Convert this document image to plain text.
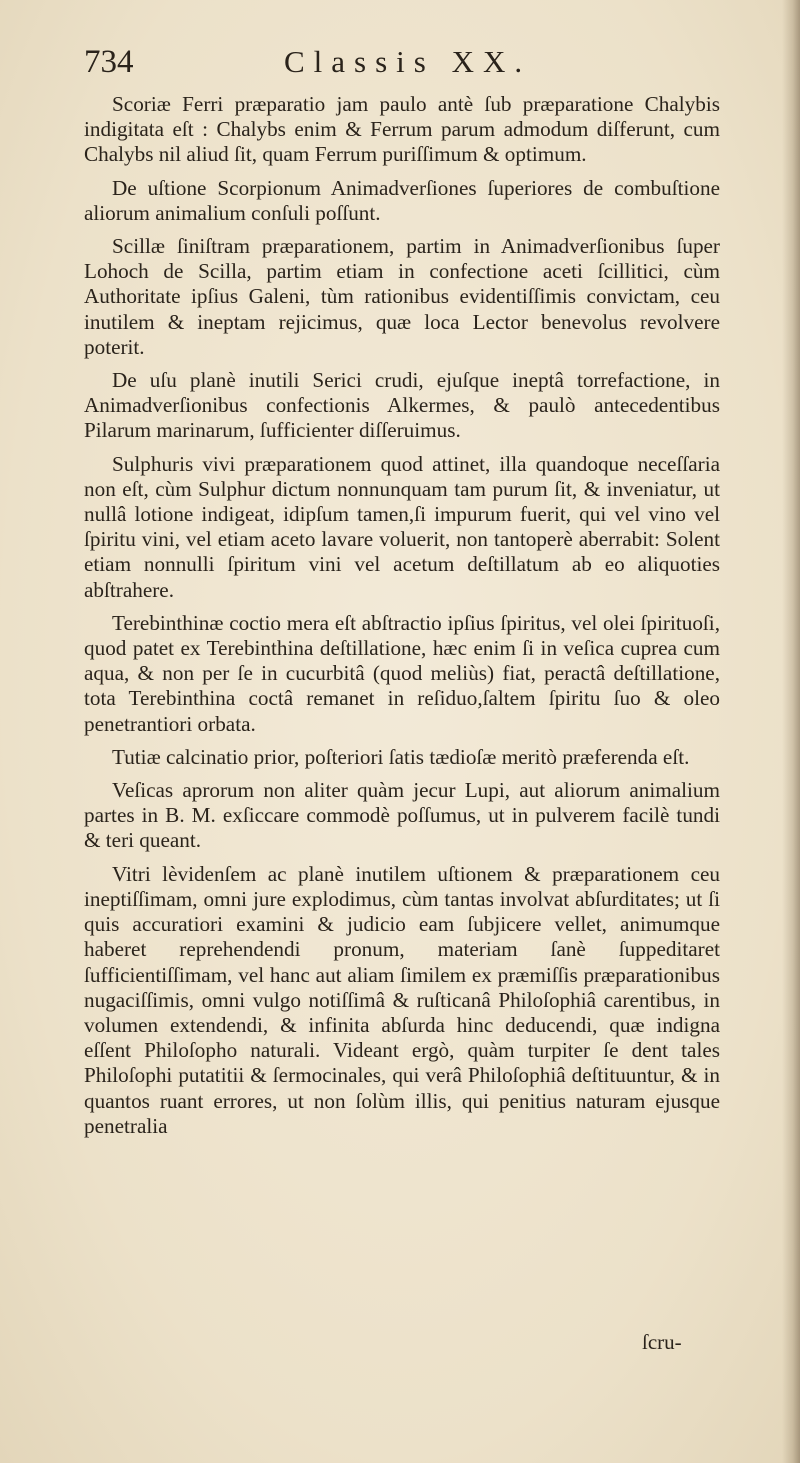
734	Classis XX.

Scoriæ Ferri præparatio jam paulo antè ſub præparatione Chalybis indigitata eſt : Chalybs enim & Ferrum parum admodum diſferunt, cum Chalybs nil aliud ſit, quam Ferrum puriſſimum & optimum.

De uſtione Scorpionum Animadverſiones ſuperiores de combuſtione aliorum animalium conſuli poſſunt.

Scillæ ſiniſtram præparationem, partim in Animadverſionibus ſuper Lohoch de Scilla, partim etiam in confectione aceti ſcillitici, cùm Authoritate ipſius Galeni, tùm rationibus evidentiſſimis convictam, ceu inutilem & ineptam rejicimus, quæ loca Lector benevolus revolvere poterit.

De uſu planè inutili Serici crudi, ejuſque ineptâ torrefactione, in Animadverſionibus confectionis Alkermes, & paulò antecedentibus Pilarum marinarum, ſufficienter diſſeruimus.

Sulphuris vivi præparationem quod attinet, illa quandoque neceſſaria non eſt, cùm Sulphur dictum nonnunquam tam purum ſit, & inveniatur, ut nullâ lotione indigeat, idipſum tamen,ſi impurum fuerit, qui vel vino vel ſpiritu vini, vel etiam aceto lavare voluerit, non tantoperè aberrabit: Solent etiam nonnulli ſpiritum vini vel acetum deſtillatum ab eo aliquoties abſtrahere.

Terebinthinæ coctio mera eſt abſtractio ipſius ſpiritus, vel olei ſpirituoſi, quod patet ex Terebinthina deſtillatione, hæc enim ſi in veſica cuprea cum aqua, & non per ſe in cucurbitâ (quod meliùs) fiat, peractâ deſtillatione, tota Terebinthina coctâ remanet in reſiduo,ſaltem ſpiritu ſuo & oleo penetrantiori orbata.

Tutiæ calcinatio prior, poſteriori ſatis tædioſæ meritò præferenda eſt.

Veſicas aprorum non aliter quàm jecur Lupi, aut aliorum animalium partes in B. M. exſiccare commodè poſſumus, ut in pulverem facilè tundi & teri queant.

Vitri lèvidenſem ac planè inutilem uſtionem & præparationem ceu ineptiſſimam, omni jure explodimus, cùm tantas involvat abſurditates; ut ſi quis accuratiori examini & judicio eam ſubjicere vellet, animumque haberet reprehendendi pronum, materiam ſanè ſuppeditaret ſufficientiſſimam, vel hanc aut aliam ſimilem ex præmiſſis præparationibus nugaciſſimis, omni vulgo notiſſimâ & ruſticanâ Philoſophiâ carentibus, in volumen extendendi, & infinita abſurda hinc deducendi, quæ indigna eſſent Philoſopho naturali. Videant ergò, quàm turpiter ſe dent tales Philoſophi putatitii & ſermocinales, qui verâ Philoſophiâ deſtituuntur, & in quantos ruant errores, ut non ſolùm illis, qui penitius naturam ejusque penetralia

ſcru-
